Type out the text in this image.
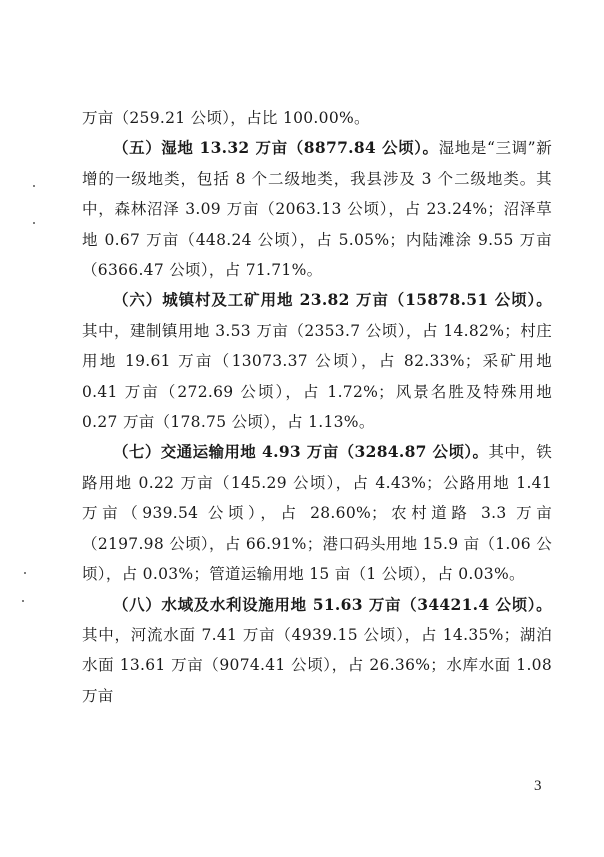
万亩（259.21 公顷），占比 100.00%。

（五）湿地 13.32 万亩（8877.84 公顷）。湿地是“三调”新增的一级地类，包括 8 个二级地类，我县涉及 3 个二级地类。其中，森林沼泽 3.09 万亩（2063.13 公顷），占 23.24%；沼泽草地 0.67 万亩（448.24 公顷），占 5.05%；内陆滩涂 9.55 万亩（6366.47 公顷），占 71.71%。

（六）城镇村及工矿用地 23.82 万亩（15878.51 公顷）。其中，建制镇用地 3.53 万亩（2353.7 公顷），占 14.82%；村庄用地 19.61 万亩（13073.37 公顷），占 82.33%；采矿用地 0.41 万亩（272.69 公顷），占 1.72%；风景名胜及特殊用地 0.27 万亩（178.75 公顷），占 1.13%。

（七）交通运输用地 4.93 万亩（3284.87 公顷）。其中，铁路用地 0.22 万亩（145.29 公顷），占 4.43%；公路用地 1.41 万亩（939.54 公顷），占 28.60%；农村道路 3.3 万亩（2197.98 公顷），占 66.91%；港口码头用地 15.9 亩（1.06 公顷），占 0.03%；管道运输用地 15 亩（1 公顷），占 0.03%。

（八）水域及水利设施用地 51.63 万亩（34421.4 公顷）。其中，河流水面 7.41 万亩（4939.15 公顷），占 14.35%；湖泊水面 13.61 万亩（9074.41 公顷），占 26.36%；水库水面 1.08 万亩

3
